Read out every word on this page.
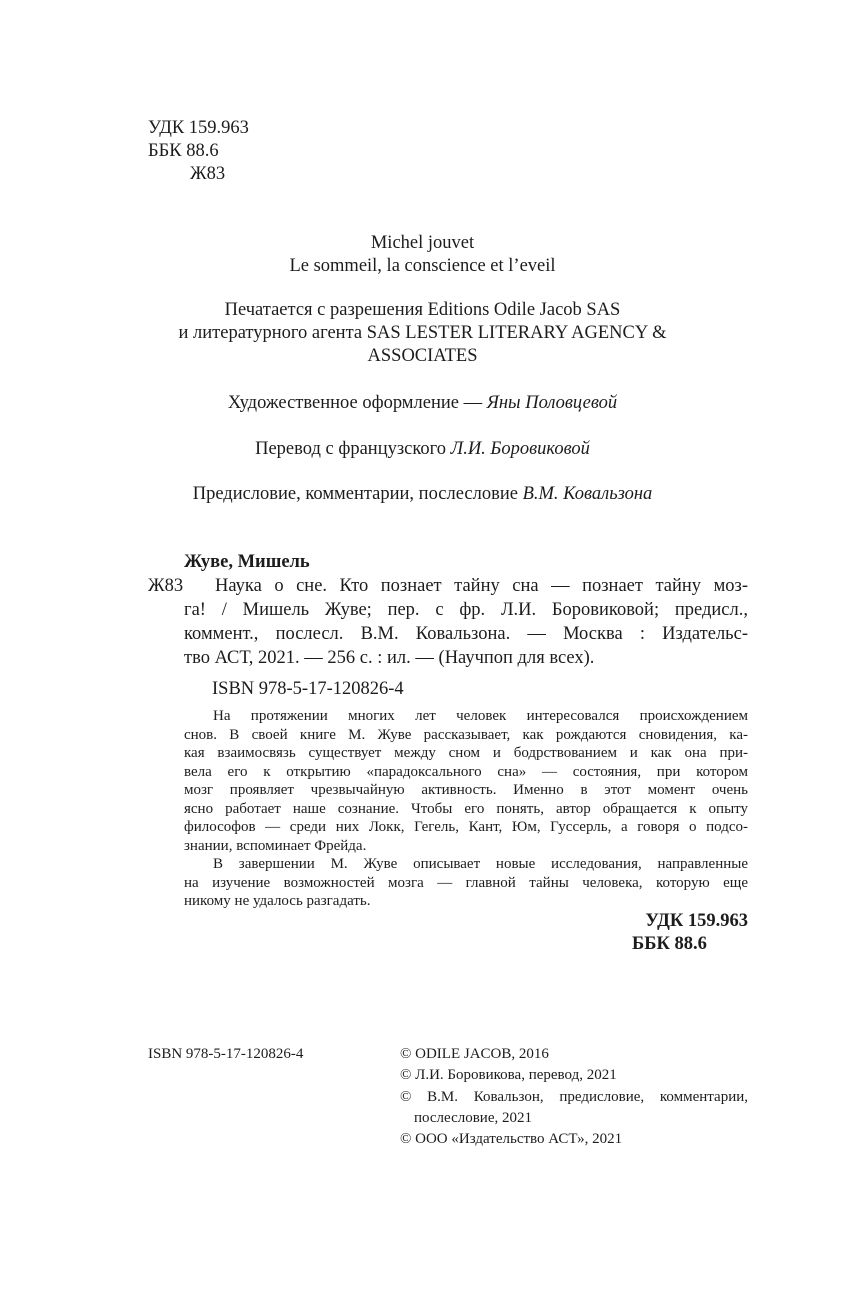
УДК 159.963
ББК 88.6
Ж83
Michel jouvet
Le sommeil, la conscience et l’eveil
Печатается с разрешения Editions Odile Jacob SAS
и литературного агента SAS LESTER LITERARY AGENCY &
ASSOCIATES
Художественное оформление — Яны Половцевой
Перевод с французского Л.И. Боровиковой
Предисловие, комментарии, послесловие В.М. Ковальзона
Жуве, Мишель
Ж83 Наука о сне. Кто познает тайну сна — познает тайну моз-
га! / Мишель Жуве; пер. с фр. Л.И. Боровиковой; предисл.,
коммент., послесл. В.М. Ковальзона. — Москва : Издательс-
тво АСТ, 2021. — 256 с. : ил. — (Научпоп для всех).
ISBN 978-5-17-120826-4
На протяжении многих лет человек интересовался происхождением
снов. В своей книге М. Жуве рассказывает, как рождаются сновидения, ка-
кая взаимосвязь существует между сном и бодрствованием и как она при-
вела его к открытию «парадоксального сна» — состояния, при котором
мозг проявляет чрезвычайную активность. Именно в этот момент очень
ясно работает наше сознание. Чтобы его понять, автор обращается к опыту
философов — среди них Локк, Гегель, Кант, Юм, Гуссерль, а говоря о подсо-
знании, вспоминает Фрейда.
В завершении М. Жуве описывает новые исследования, направленные
на изучение возможностей мозга — главной тайны человека, которую еще
никому не удалось разгадать.
УДК 159.963
ББК 88.6
ISBN 978-5-17-120826-4	© ODILE JACOB, 2016
© Л.И. Боровикова, перевод, 2021
© В.М. Ковальзон, предисловие, комментарии,
послесловие, 2021
© ООО «Издательство АСТ», 2021
